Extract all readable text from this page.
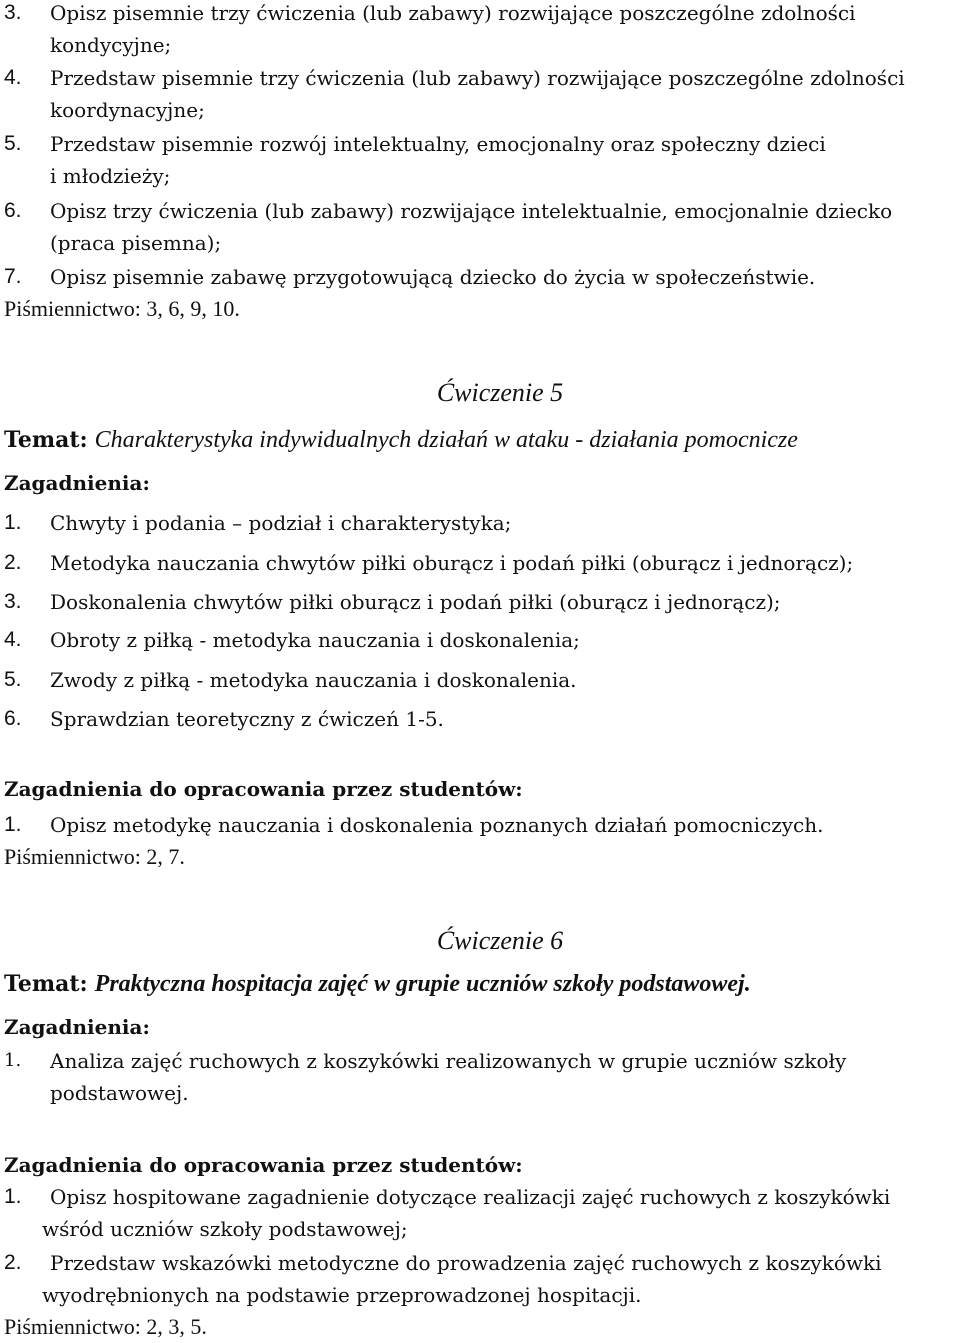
3. Opisz pisemnie trzy ćwiczenia (lub zabawy) rozwijające poszczególne zdolności
kondycyjne;
4. Przedstaw pisemnie trzy ćwiczenia (lub zabawy) rozwijające poszczególne zdolności
koordynacyjne;
5. Przedstaw pisemnie rozwój intelektualny, emocjonalny oraz społeczny dzieci
i młodzieży;
6. Opisz trzy ćwiczenia (lub zabawy) rozwijające intelektualnie, emocjonalnie dziecko
(praca pisemna);
7. Opisz pisemnie zabawę przygotowującą dziecko do życia w społeczeństwie.
Piśmiennictwo: 3, 6, 9, 10.
Ćwiczenie 5
Temat: Charakterystyka indywidualnych działań w ataku - działania pomocnicze
Zagadnienia:
1. Chwyty i podania – podział i charakterystyka;
2. Metodyka nauczania chwytów piłki oburącz i podań piłki (oburącz i jednorącz);
3. Doskonalenia chwytów piłki oburącz i podań piłki (oburącz i jednorącz);
4. Obroty z piłką - metodyka nauczania i doskonalenia;
5. Zwody z piłką - metodyka nauczania i doskonalenia.
6. Sprawdzian teoretyczny z ćwiczeń 1-5.
Zagadnienia do opracowania przez studentów:
1. Opisz metodykę nauczania i doskonalenia poznanych działań pomocniczych.
Piśmiennictwo: 2, 7.
Ćwiczenie 6
Temat: Praktyczna hospitacja zajęć w grupie uczniów szkoły podstawowej.
Zagadnienia:
1. Analiza zajęć ruchowych z koszykówki realizowanych w grupie uczniów szkoły
podstawowej.
Zagadnienia do opracowania przez studentów:
1. Opisz hospitowane zagadnienie dotyczące realizacji zajęć ruchowych z koszykówki
wśród uczniów szkoły podstawowej;
2. Przedstaw wskazówki metodyczne do prowadzenia zajęć ruchowych z koszykówki
wyodrębnionych na podstawie przeprowadzonej hospitacji.
Piśmiennictwo: 2, 3, 5.
